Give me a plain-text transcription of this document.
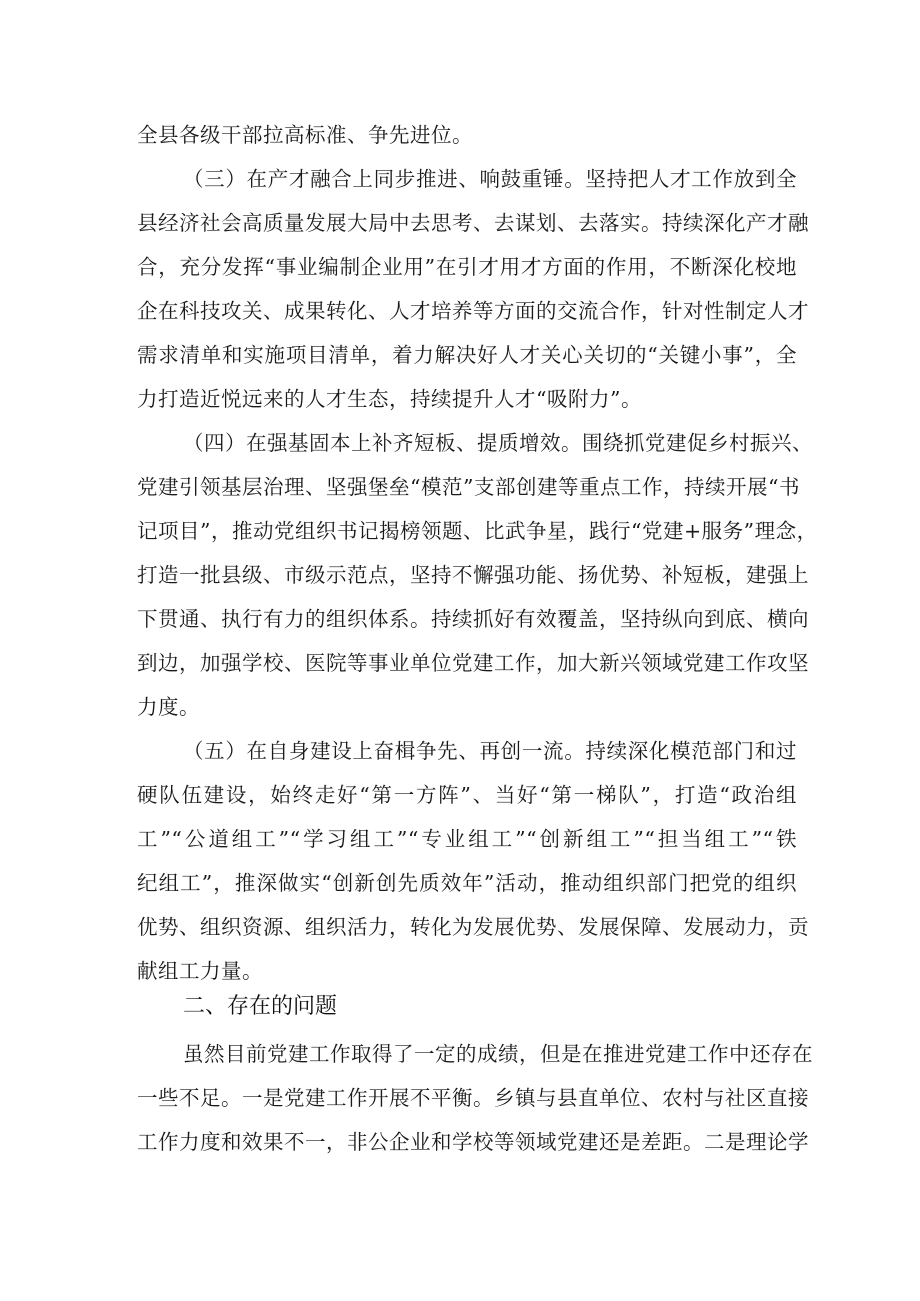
全县各级干部拉高标准、争先进位。
（三）在产才融合上同步推进、响鼓重锤。坚持把人才工作放到全
县经济社会高质量发展大局中去思考、去谋划、去落实。持续深化产才融
合，充分发挥“事业编制企业用”在引才用才方面的作用，不断深化校地
企在科技攻关、成果转化、人才培养等方面的交流合作，针对性制定人才
需求清单和实施项目清单，着力解决好人才关心关切的“关键小事”，全
力打造近悦远来的人才生态，持续提升人才“吸附力”。
（四）在强基固本上补齐短板、提质增效。围绕抓党建促乡村振兴、
党建引领基层治理、坚强堡垒“模范”支部创建等重点工作，持续开展“书
记项目”，推动党组织书记揭榜领题、比武争星，践行“党建+服务”理念，
打造一批县级、市级示范点，坚持不懈强功能、扬优势、补短板，建强上
下贯通、执行有力的组织体系。持续抓好有效覆盖，坚持纵向到底、横向
到边，加强学校、医院等事业单位党建工作，加大新兴领域党建工作攻坚
力度。
（五）在自身建设上奋楫争先、再创一流。持续深化模范部门和过
硬队伍建设，始终走好“第一方阵”、当好“第一梯队”，打造“政治组
工”“公道组工”“学习组工”“专业组工”“创新组工”“担当组工”“铁
纪组工”，推深做实“创新创先质效年”活动，推动组织部门把党的组织
优势、组织资源、组织活力，转化为发展优势、发展保障、发展动力，贡
献组工力量。
二、存在的问题
虽然目前党建工作取得了一定的成绩，但是在推进党建工作中还存在
一些不足。一是党建工作开展不平衡。乡镇与县直单位、农村与社区直接
工作力度和效果不一，非公企业和学校等领域党建还是差距。二是理论学
